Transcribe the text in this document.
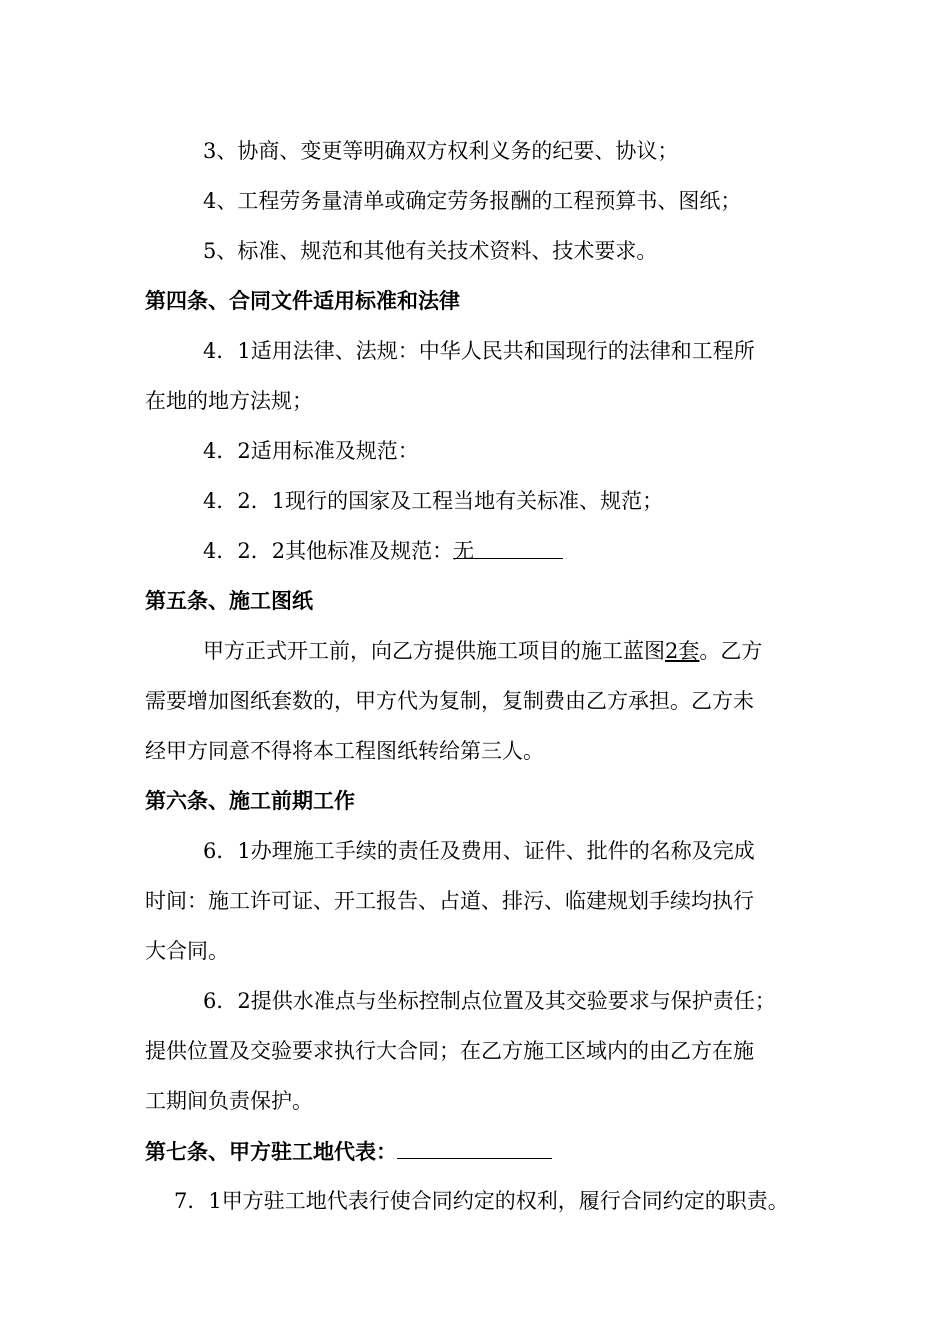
3、协商、变更等明确双方权利义务的纪要、协议；
4、工程劳务量清单或确定劳务报酬的工程预算书、图纸；
5、标准、规范和其他有关技术资料、技术要求。
第四条、合同文件适用标准和法律
4．1适用法律、法规：中华人民共和国现行的法律和工程所
在地的地方法规；
4．2适用标准及规范：
4．2．1现行的国家及工程当地有关标准、规范；
4．2．2其他标准及规范：无
第五条、施工图纸
甲方正式开工前，向乙方提供施工项目的施工蓝图2套。乙方
需要增加图纸套数的，甲方代为复制，复制费由乙方承担。乙方未
经甲方同意不得将本工程图纸转给第三人。
第六条、施工前期工作
6．1办理施工手续的责任及费用、证件、批件的名称及完成
时间：施工许可证、开工报告、占道、排污、临建规划手续均执行
大合同。
6．2提供水准点与坐标控制点位置及其交验要求与保护责任；
提供位置及交验要求执行大合同；在乙方施工区域内的由乙方在施
工期间负责保护。
第七条、甲方驻工地代表：
7．1甲方驻工地代表行使合同约定的权利，履行合同约定的职责。
